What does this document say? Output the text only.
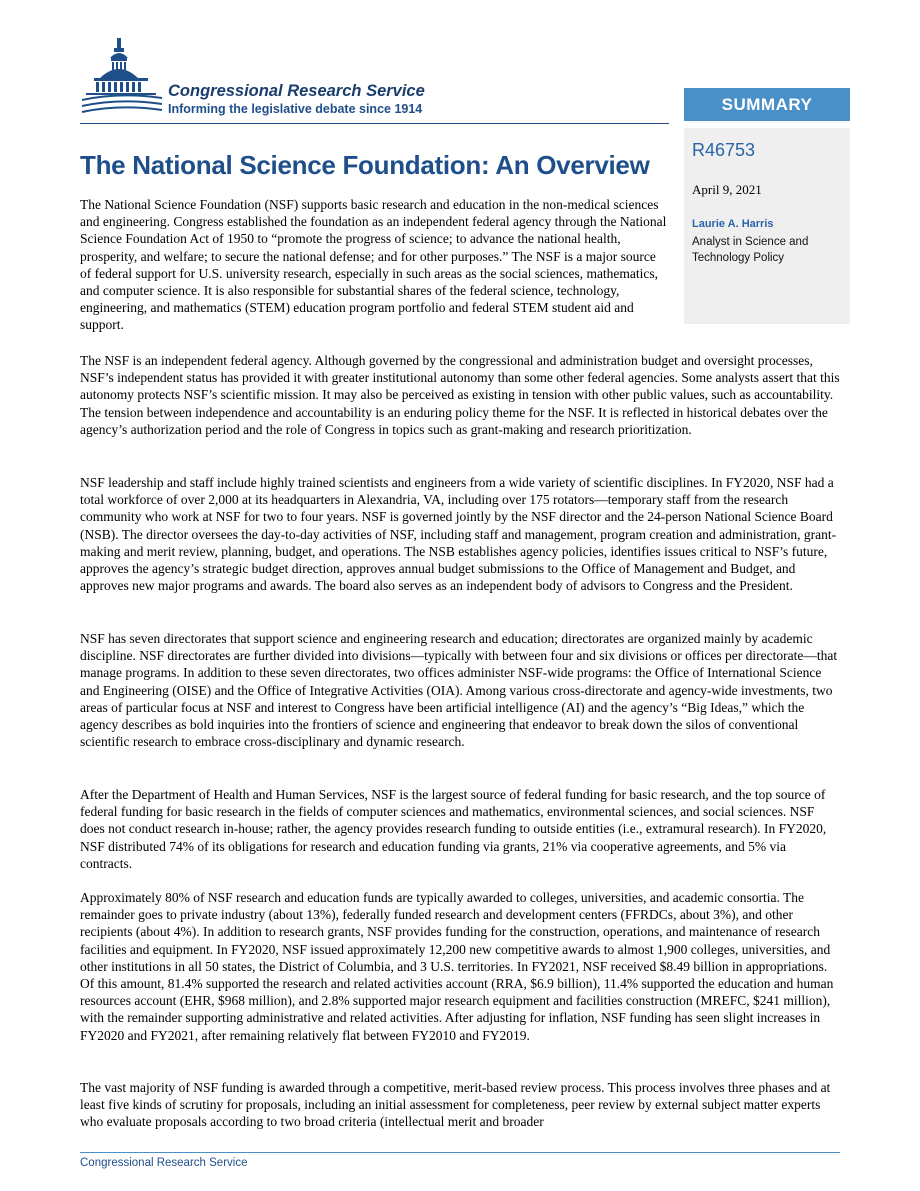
Congressional Research Service
Informing the legislative debate since 1914	SUMMARY
R46753
April 9, 2021
Laurie A. Harris
Analyst in Science and Technology Policy
The National Science Foundation: An Overview

The National Science Foundation (NSF) supports basic research and education in the non-medical sciences and engineering. Congress established the foundation as an independent federal agency through the National Science Foundation Act of 1950 to “promote the progress of science; to advance the national health, prosperity, and welfare; to secure the national defense; and for other purposes.” The NSF is a major source of federal support for U.S. university research, especially in such areas as the social sciences, mathematics, and computer science. It is also responsible for substantial shares of the federal science, technology, engineering, and mathematics (STEM) education program portfolio and federal STEM student aid and support.

The NSF is an independent federal agency. Although governed by the congressional and administration budget and oversight processes, NSF’s independent status has provided it with greater institutional autonomy than some other federal agencies. Some analysts assert that this autonomy protects NSF’s scientific mission. It may also be perceived as existing in tension with other public values, such as accountability. The tension between independence and accountability is an enduring policy theme for the NSF. It is reflected in historical debates over the agency’s authorization period and the role of Congress in topics such as grant-making and research prioritization.

NSF leadership and staff include highly trained scientists and engineers from a wide variety of scientific disciplines. In FY2020, NSF had a total workforce of over 2,000 at its headquarters in Alexandria, VA, including over 175 rotators—temporary staff from the research community who work at NSF for two to four years. NSF is governed jointly by the NSF director and the 24-person National Science Board (NSB). The director oversees the day-to-day activities of NSF, including staff and management, program creation and administration, grant-making and merit review, planning, budget, and operations. The NSB establishes agency policies, identifies issues critical to NSF’s future, approves the agency’s strategic budget direction, approves annual budget submissions to the Office of Management and Budget, and approves new major programs and awards. The board also serves as an independent body of advisors to Congress and the President.

NSF has seven directorates that support science and engineering research and education; directorates are organized mainly by academic discipline. NSF directorates are further divided into divisions—typically with between four and six divisions or offices per directorate—that manage programs. In addition to these seven directorates, two offices administer NSF-wide programs: the Office of International Science and Engineering (OISE) and the Office of Integrative Activities (OIA). Among various cross-directorate and agency-wide investments, two areas of particular focus at NSF and interest to Congress have been artificial intelligence (AI) and the agency’s “Big Ideas,” which the agency describes as bold inquiries into the frontiers of science and engineering that endeavor to break down the silos of conventional scientific research to embrace cross-disciplinary and dynamic research.

After the Department of Health and Human Services, NSF is the largest source of federal funding for basic research, and the top source of federal funding for basic research in the fields of computer sciences and mathematics, environmental sciences, and social sciences. NSF does not conduct research in-house; rather, the agency provides research funding to outside entities (i.e., extramural research). In FY2020, NSF distributed 74% of its obligations for research and education funding via grants, 21% via cooperative agreements, and 5% via contracts.

Approximately 80% of NSF research and education funds are typically awarded to colleges, universities, and academic consortia. The remainder goes to private industry (about 13%), federally funded research and development centers (FFRDCs, about 3%), and other recipients (about 4%). In addition to research grants, NSF provides funding for the construction, operations, and maintenance of research facilities and equipment. In FY2020, NSF issued approximately 12,200 new competitive awards to almost 1,900 colleges, universities, and other institutions in all 50 states, the District of Columbia, and 3 U.S. territories. In FY2021, NSF received $8.49 billion in appropriations. Of this amount, 81.4% supported the research and related activities account (RRA, $6.9 billion), 11.4% supported the education and human resources account (EHR, $968 million), and 2.8% supported major research equipment and facilities construction (MREFC, $241 million), with the remainder supporting administrative and related activities. After adjusting for inflation, NSF funding has seen slight increases in FY2020 and FY2021, after remaining relatively flat between FY2010 and FY2019.

The vast majority of NSF funding is awarded through a competitive, merit-based review process. This process involves three phases and at least five kinds of scrutiny for proposals, including an initial assessment for completeness, peer review by external subject matter experts who evaluate proposals according to two broad criteria (intellectual merit and broader

Congressional Research Service
